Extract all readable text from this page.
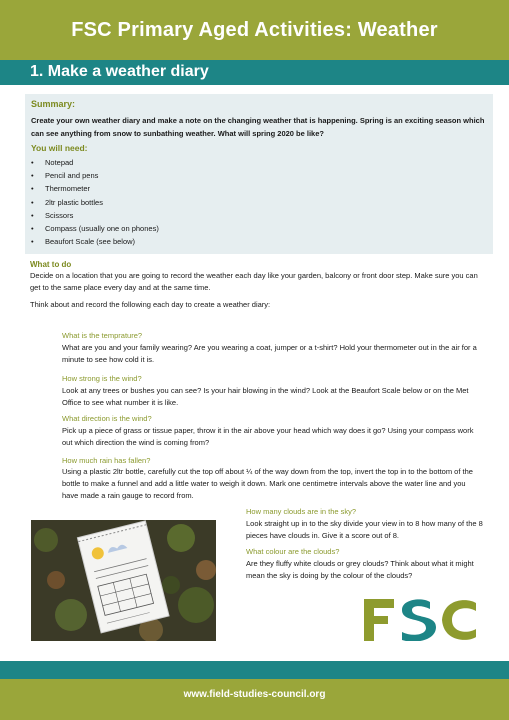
FSC Primary Aged Activities: Weather
1. Make a weather diary
Summary:
Create your own weather diary and make a note on the changing weather that is happening. Spring is an exciting season which can see anything from snow to sunbathing weather. What will spring 2020 be like?
You will need:
• Notepad
• Pencil and pens
• Thermometer
• 2ltr plastic bottles
• Scissors
• Compass (usually one on phones)
• Beaufort Scale (see below)
What to do
Decide on a location that you are going to record the weather each day like your garden, balcony or front door step. Make sure you can get to the same place every day and at the same time.
Think about and record the following each day to create a weather diary:
What is the temprature?
What are you and your family wearing? Are you wearing a coat, jumper or a t-shirt? Hold your thermometer out in the air for a minute to see how cold it is.
How strong is the wind?
Look at any trees or bushes you can see? Is your hair blowing in the wind? Look at the Beaufort Scale below or on the Met Office to see what number it is like.
What direction is the wind?
Pick up a piece of grass or tissue paper, throw it in the air above your head which way does it go? Using your compass work out which direction the wind is coming from?
How much rain has fallen?
Using a plastic 2ltr bottle, carefully cut the top off about ¼ of the way down from the top, invert the top in to the bottom of the bottle to make a funnel and add a little water to weigh it down. Mark one centimetre intervals above the water line and you have made a rain gauge to record from.
How many clouds are in the sky?
Look straight up in to the sky divide your view in to 8 how many of the 8 pieces have clouds in. Give it a score out of 8.
What colour are the clouds?
Are they fluffy white clouds or grey clouds? Think about what it might mean the sky is doing by the colour of the clouds?
www.field-studies-council.org
